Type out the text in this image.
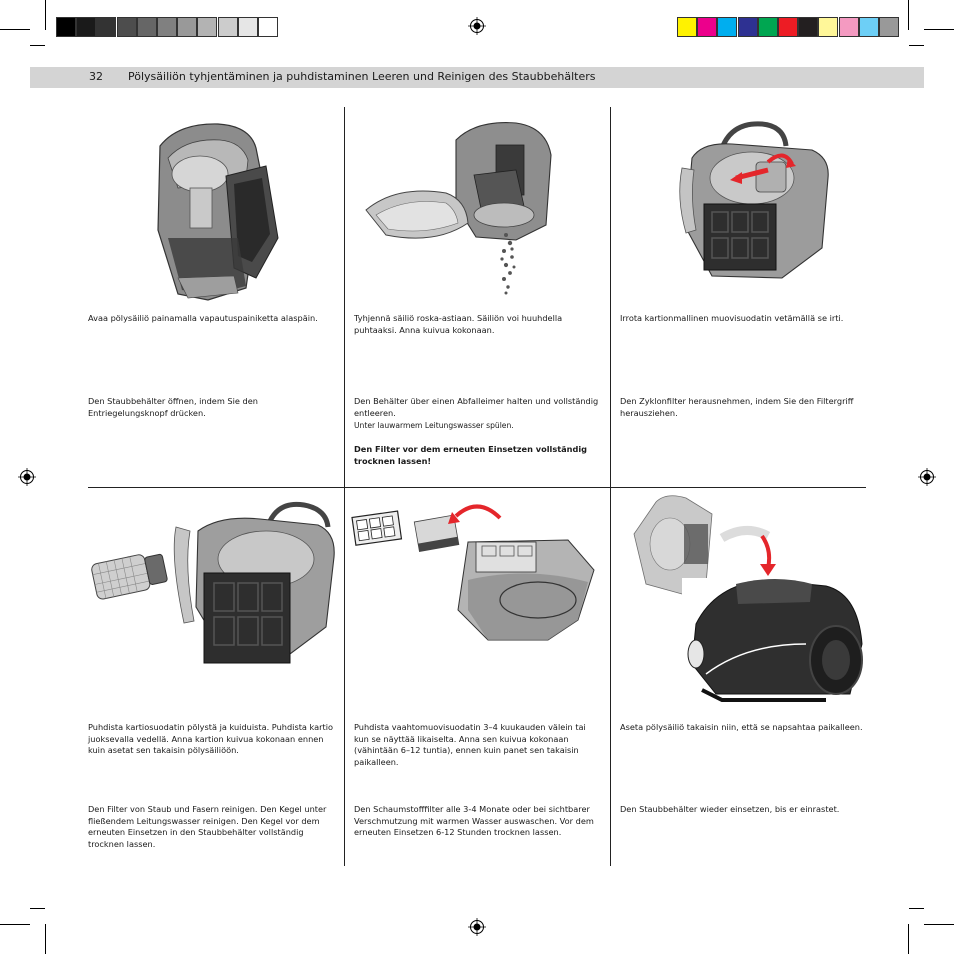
32 Pölysäiliön tyhjentäminen ja puhdistaminen Leeren und Reinigen des Staubbehälters
Avaa pölysäiliö painamalla vapautuspainiketta alaspäin.
Den Staubbehälter öffnen, indem Sie den Entriegelungsknopf drücken.
Tyhjennä säiliö roska-astiaan. Säiliön voi huuhdella puhtaaksi. Anna kuivua kokonaan.
Den Behälter über einen Abfalleimer halten und vollständig entleeren.
Unter lauwarmem Leitungswasser spülen.
Den Filter vor dem erneuten Einsetzen vollständig trocknen lassen!
Irrota kartionmallinen muovisuodatin vetämällä se irti.
Den Zyklonfilter herausnehmen, indem Sie den Filtergriff herausziehen.
Puhdista kartiosuodatin pölystä ja kuiduista. Puhdista kartio juoksevalla vedellä. Anna kartion kuivua kokonaan ennen kuin asetat sen takaisin pölysäiliöön.
Den Filter von Staub und Fasern reinigen. Den Kegel unter fließendem Leitungswasser reinigen. Den Kegel vor dem erneuten Einsetzen in den Staubbehälter vollständig trocknen lassen.
Puhdista vaahtomuovisuodatin 3–4 kuukauden välein tai kun se näyttää likaiselta. Anna sen kuivua kokonaan (vähintään 6–12 tuntia), ennen kuin panet sen takaisin paikalleen.
Den Schaumstofffilter alle 3-4 Monate oder bei sichtbarer Verschmutzung mit warmen Wasser auswaschen. Vor dem erneuten Einsetzen 6-12 Stunden trocknen lassen.
Aseta pölysäiliö takaisin niin, että se napsahtaa paikalleen.
Den Staubbehälter wieder einsetzen, bis er einrastet.
